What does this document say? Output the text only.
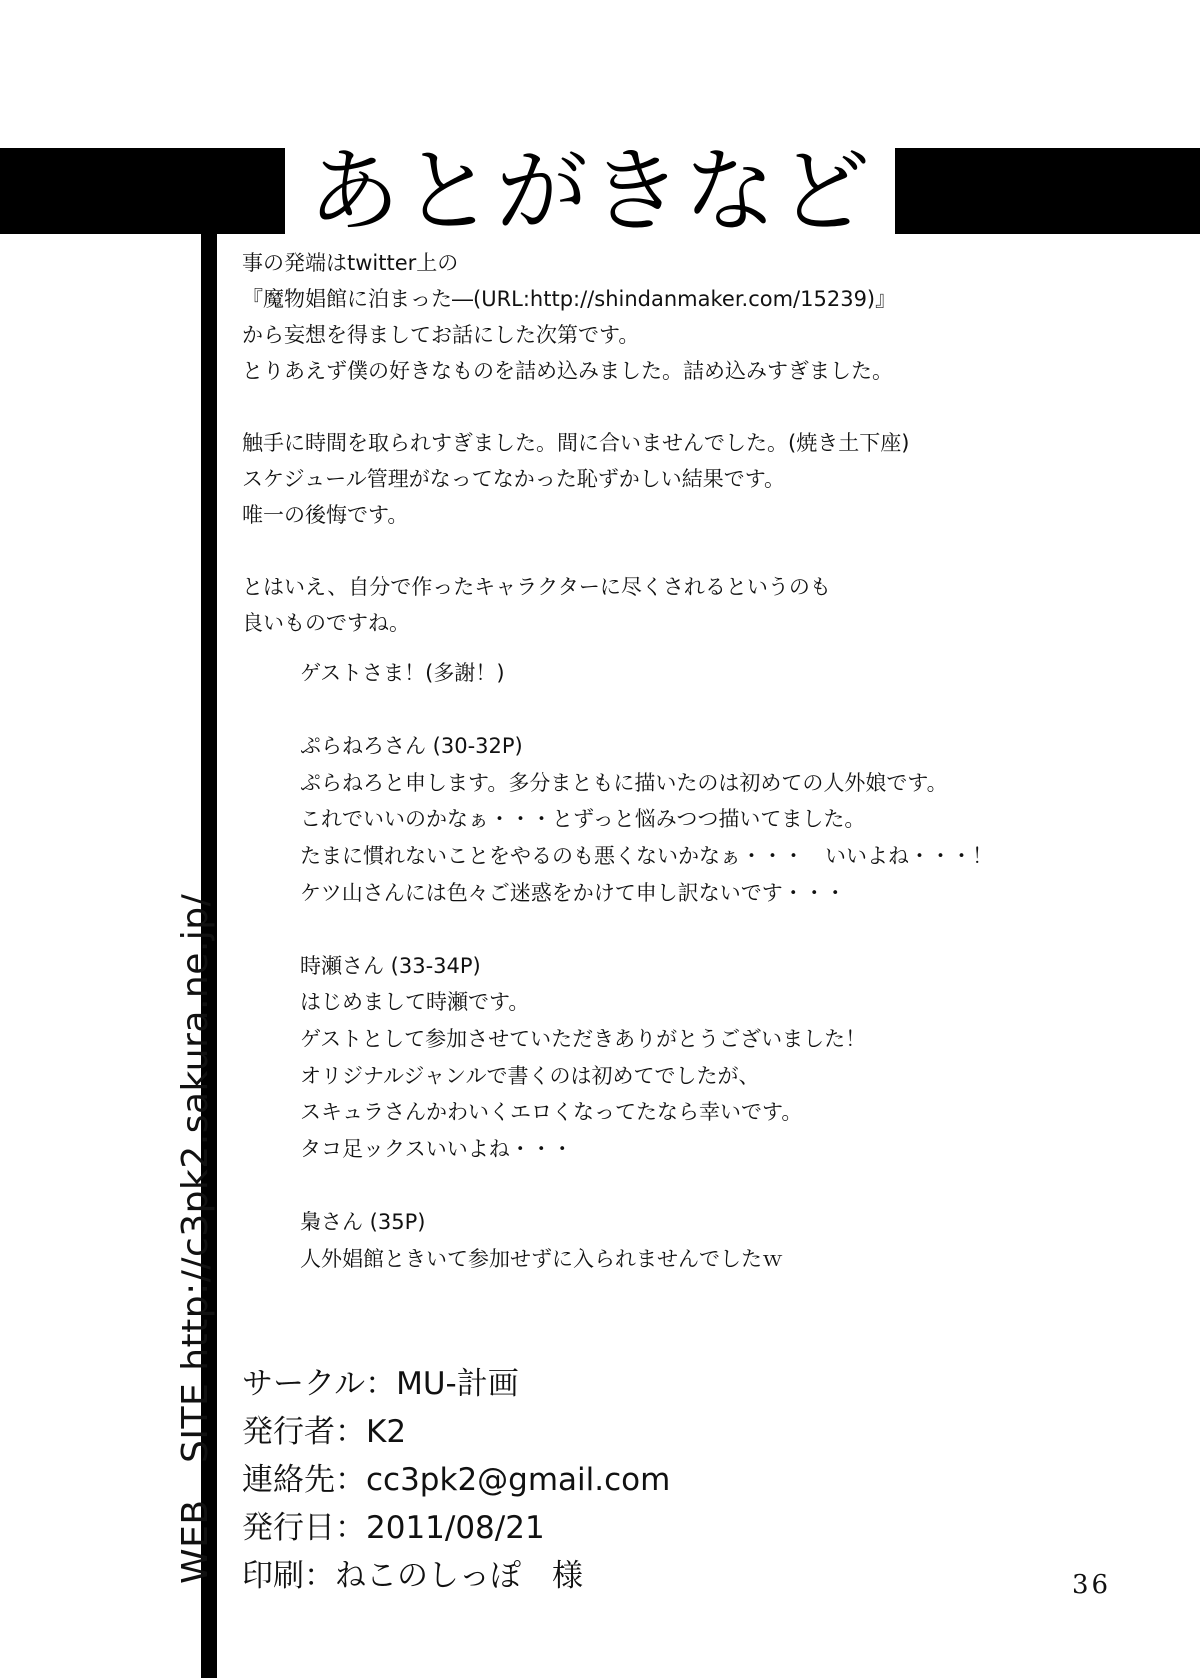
あとがきなど
WEB　SITE http://c3pk2.sakura.ne.jp/
事の発端はtwitter上の
『魔物娼館に泊まった―(URL:http://shindanmaker.com/15239)』
から妄想を得ましてお話にした次第です。
とりあえず僕の好きなものを詰め込みました。詰め込みすぎました。
触手に時間を取られすぎました。間に合いませんでした。(焼き土下座)
スケジュール管理がなってなかった恥ずかしい結果です。
唯一の後悔です。
とはいえ、自分で作ったキャラクターに尽くされるというのも
良いものですね。
ゲストさま！(多謝！)
ぷらねろさん (30-32P)
ぷらねろと申します。多分まともに描いたのは初めての人外娘です。
これでいいのかなぁ・・・とずっと悩みつつ描いてました。
たまに慣れないことをやるのも悪くないかなぁ・・・　いいよね・・・！
ケツ山さんには色々ご迷惑をかけて申し訳ないです・・・
時瀬さん (33-34P)
はじめまして時瀬です。
ゲストとして参加させていただきありがとうございました！
オリジナルジャンルで書くのは初めてでしたが、
スキュラさんかわいくエロくなってたなら幸いです。
タコ足ックスいいよね・・・
梟さん (35P)
人外娼館ときいて参加せずに入られませんでしたｗ
サークル：MU-計画
発行者：K2
連絡先：cc3pk2@gmail.com
発行日：2011/08/21
印刷：ねこのしっぽ　様	36
